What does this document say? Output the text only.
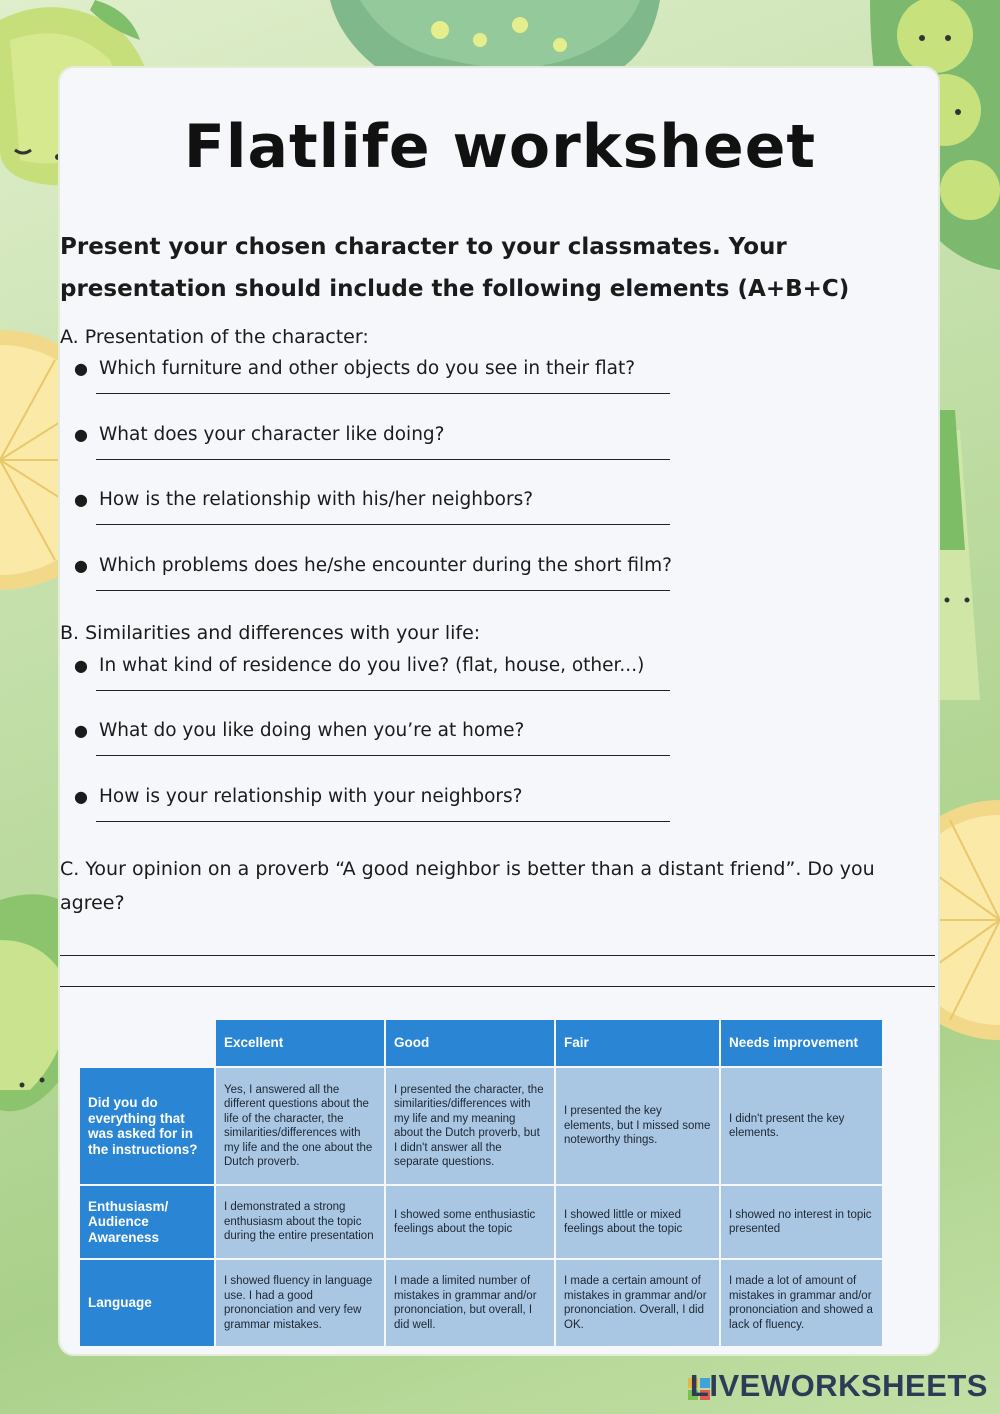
Flatlife worksheet

Present your chosen character to your classmates. Your presentation should include the following elements (A+B+C)

A. Presentation of the character:
● Which furniture and other objects do you see in their flat?
● What does your character like doing?
● How is the relationship with his/her neighbors?
● Which problems does he/she encounter during the short film?
B. Similarities and differences with your life:
● In what kind of residence do you live? (flat, house, other...)
● What do you like doing when you’re at home?
● How is your relationship with your neighbors?

C. Your opinion on a proverb “A good neighbor is better than a distant friend”. Do you agree?

	Excellent	Good	Fair	Needs improvement
Did you do everything that was asked for in the instructions?	Yes, I answered all the different questions about the life of the character, the similarities/differences with my life and the one about the Dutch proverb.	I presented the character, the similarities/differences with my life and my meaning about the Dutch proverb, but I didn't answer all the separate questions.	I presented the key elements, but I missed some noteworthy things.	I didn't present the key elements.
Enthusiasm/ Audience Awareness	I demonstrated a strong enthusiasm about the topic during the entire presentation	I showed some enthusiastic feelings about the topic	I showed little or mixed feelings about the topic	I showed no interest in topic presented
Language	I showed fluency in language use. I had a good prononciation and very few grammar mistakes.	I made a limited number of mistakes in grammar and/or prononciation, but overall, I did well.	I made a certain amount of mistakes in grammar and/or prononciation. Overall, I did OK.	I made a lot of amount of mistakes in grammar and/or prononciation and showed a lack of fluency.
LIVEWORKSHEETS
